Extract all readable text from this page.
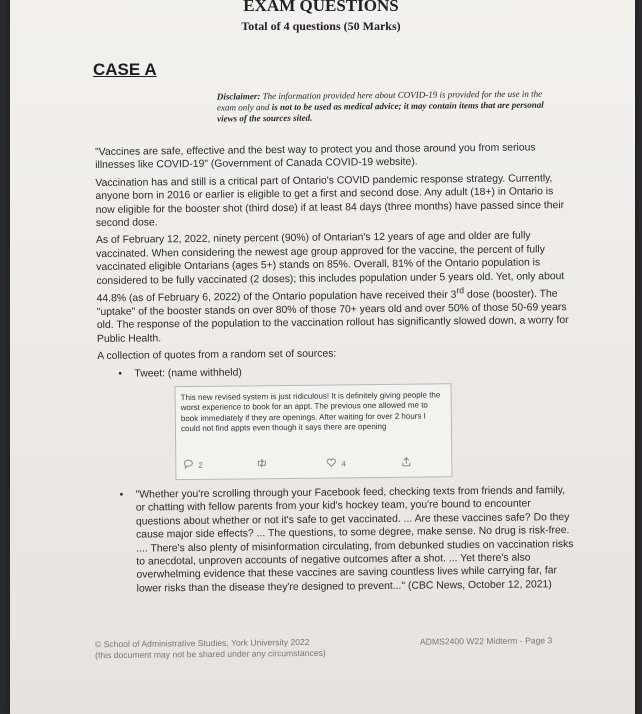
EXAM QUESTIONS
Total of 4 questions (50 Marks)
CASE A
Disclaimer: The information provided here about COVID-19 is provided for the use in the exam only and is not to be used as medical advice; it may contain items that are personal views of the sources sited.

"Vaccines are safe, effective and the best way to protect you and those around you from serious illnesses like COVID-19" (Government of Canada COVID-19 website).

Vaccination has and still is a critical part of Ontario's COVID pandemic response strategy. Currently, anyone born in 2016 or earlier is eligible to get a first and second dose. Any adult (18+) in Ontario is now eligible for the booster shot (third dose) if at least 84 days (three months) have passed since their second dose.

As of February 12, 2022, ninety percent (90%) of Ontarian's 12 years of age and older are fully vaccinated. When considering the newest age group approved for the vaccine, the percent of fully vaccinated eligible Ontarians (ages 5+) stands on 85%. Overall, 81% of the Ontario population is considered to be fully vaccinated (2 doses); this includes population under 5 years old. Yet, only about 44.8% (as of February 6, 2022) of the Ontario population have received their 3rd dose (booster). The "uptake" of the booster stands on over 80% of those 70+ years old and over 50% of those 50-69 years old. The response of the population to the vaccination rollout has significantly slowed down, a worry for Public Health.

A collection of quotes from a random set of sources:

• Tweet: (name withheld)
This new revised system is just ridiculous! It is definitely giving people the worst experience to book for an appt. The previous one allowed me to book immediately if they are openings. After waiting for over 2 hours I could not find appts even though it says there are opening
2	4
• "Whether you're scrolling through your Facebook feed, checking texts from friends and family, or chatting with fellow parents from your kid's hockey team, you're bound to encounter questions about whether or not it's safe to get vaccinated. ... Are these vaccines safe? Do they cause major side effects? ... The questions, to some degree, make sense. No drug is risk-free. .... There's also plenty of misinformation circulating, from debunked studies on vaccination risks to anecdotal, unproven accounts of negative outcomes after a shot. ... Yet there's also overwhelming evidence that these vaccines are saving countless lives while carrying far, far lower risks than the disease they're designed to prevent..." (CBC News, October 12, 2021)
© School of Administrative Studies, York University 2022
(this document may not be shared under any circumstances)
ADMS2400 W22 Midterm - Page 3
